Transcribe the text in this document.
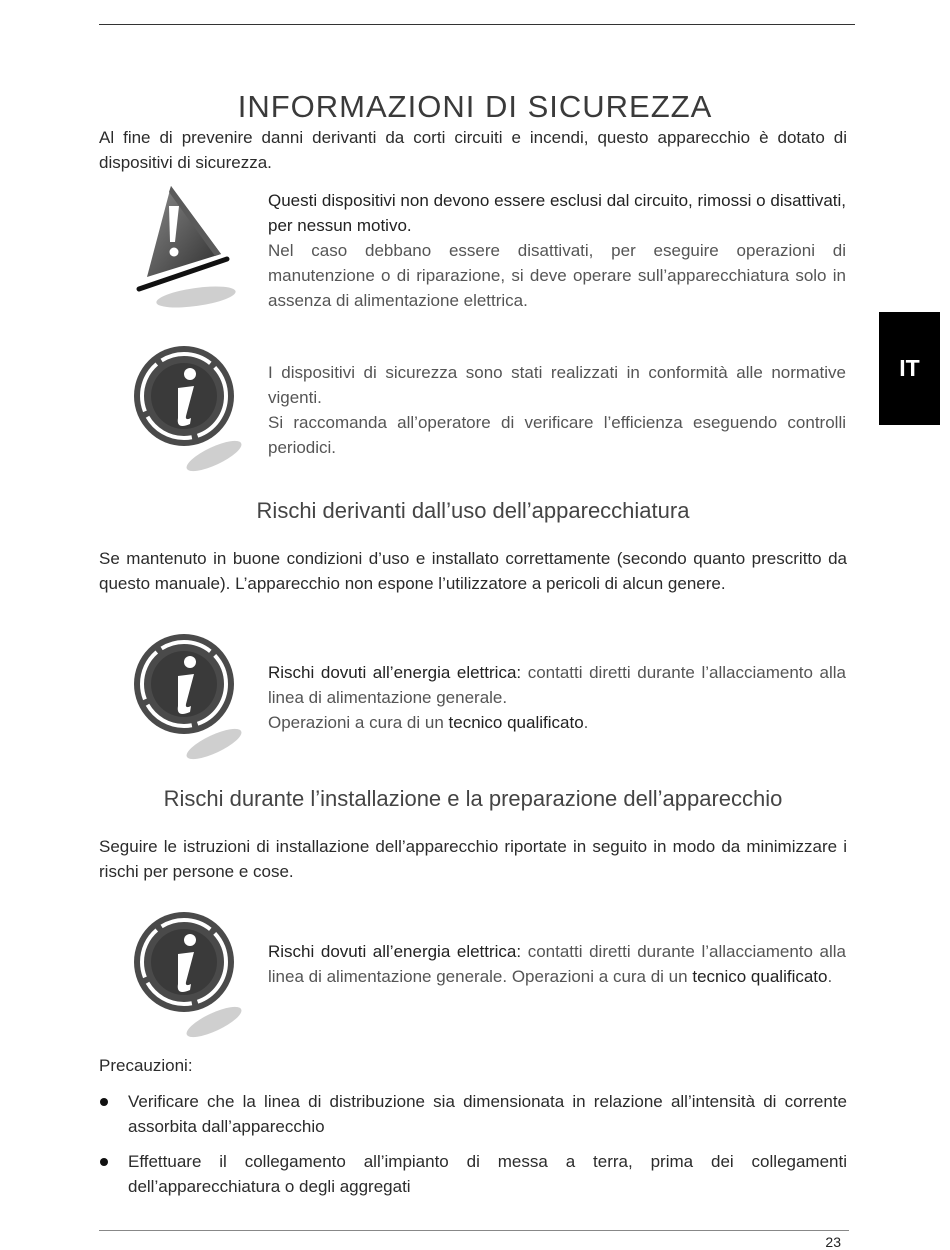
INFORMAZIONI DI SICUREZZA
IT
Al fine di prevenire danni derivanti da corti circuiti e incendi, questo apparecchio è dotato di dispositivi di sicurezza.
Questi dispositivi non devono essere esclusi dal circuito, rimossi o disattivati, per nessun motivo.
Nel caso debbano essere disattivati, per eseguire operazioni di manutenzione o di riparazione, si deve operare sull’apparecchiatura solo in assenza di alimentazione elettrica.
I dispositivi di sicurezza sono stati realizzati in conformità alle normative vigenti.
Si raccomanda all’operatore di verificare l’efficienza eseguendo controlli periodici.
Rischi derivanti dall’uso dell’apparecchiatura
Se mantenuto in buone condizioni d’uso e installato correttamente (secondo quanto prescritto da questo manuale). L’apparecchio non espone l’utilizzatore a pericoli di alcun genere.
Rischi dovuti all’energia elettrica: contatti diretti durante l’allacciamento alla linea di alimentazione generale.
Operazioni a cura di un tecnico qualificato.
Rischi durante l’installazione e la preparazione dell’apparecchio
Seguire le istruzioni di installazione dell’apparecchio riportate in seguito in modo da minimizzare i rischi per persone e cose.
Rischi dovuti all’energia elettrica: contatti diretti durante l’allacciamento alla linea di alimentazione generale. Operazioni a cura di un tecnico qualificato.
Precauzioni:
Verificare che la linea di distribuzione sia dimensionata in relazione all’intensità di corrente assorbita dall’apparecchio
Effettuare il collegamento all’impianto di messa a terra, prima dei collegamenti dell’apparecchiatura o degli aggregati
23
